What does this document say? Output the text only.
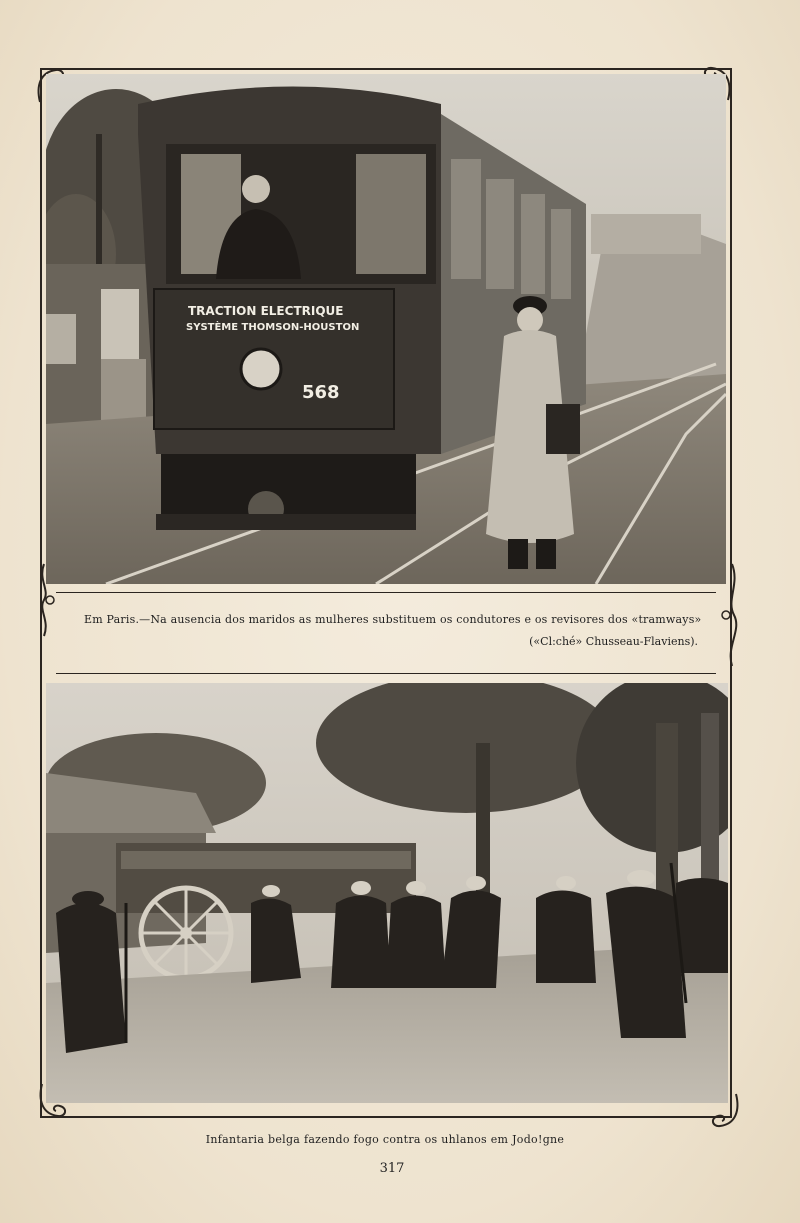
TRACTION ELECTRIQUE
SYSTÈME THOMSON-HOUSTON
568
Em Paris.—Na ausencia dos maridos as mulheres substituem os condutores e os revisores dos «tramways»
(«Cl:ché» Chusseau-Flaviens).
Infantaria belga fazendo fogo contra os uhlanos em Jodo!gne
317
